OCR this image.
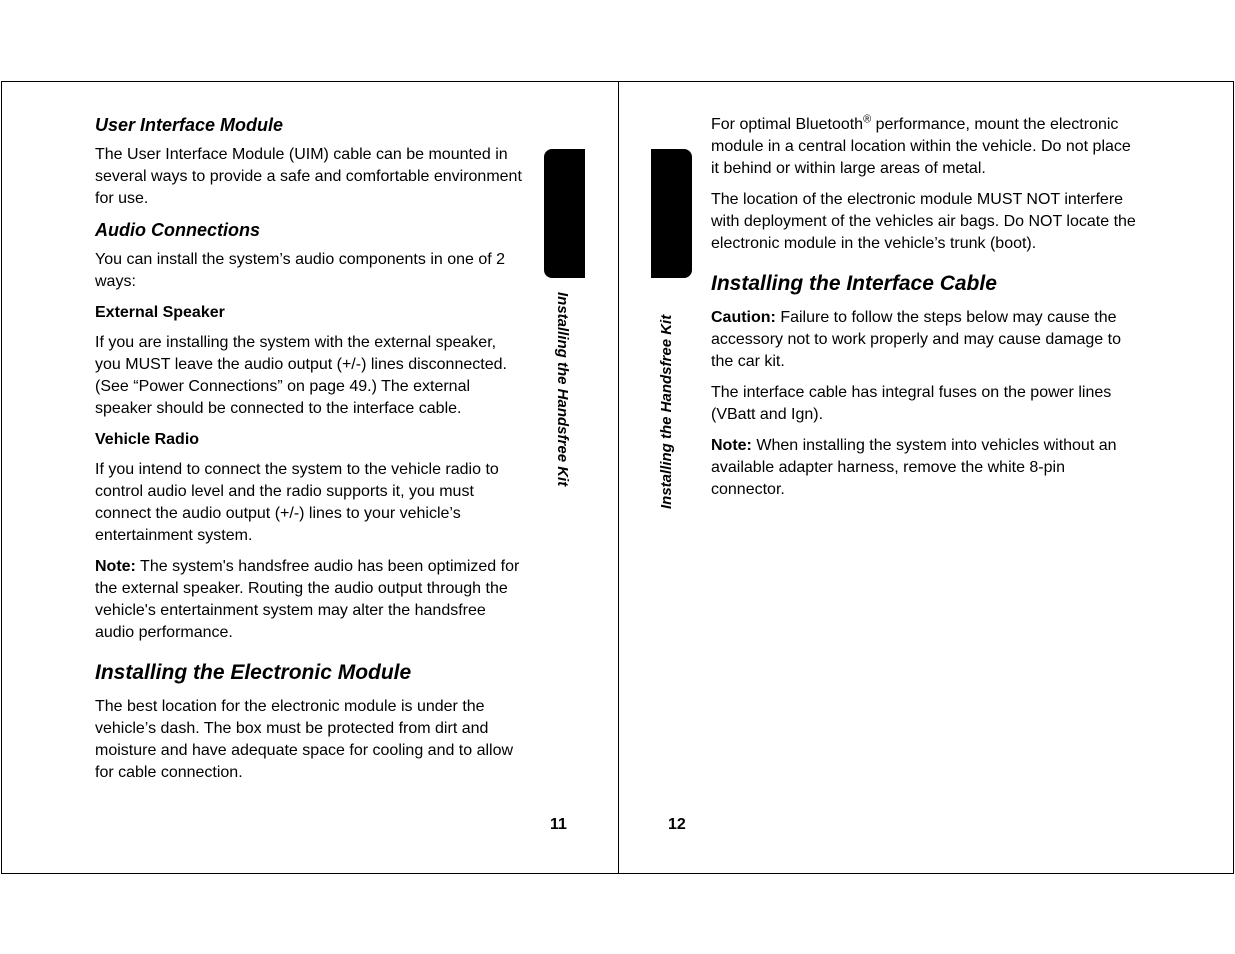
User Interface Module

The User Interface Module (UIM) cable can be mounted in several ways to provide a safe and comfortable environment for use.

Audio Connections

You can install the system’s audio components in one of 2 ways:

External Speaker

If you are installing the system with the external speaker, you MUST leave the audio output (+/-) lines disconnected. (See “Power Connections” on page 49.) The external speaker should be connected to the interface cable.

Vehicle Radio

If you intend to connect the system to the vehicle radio to control audio level and the radio supports it, you must connect the audio output (+/-) lines to your vehicle’s entertainment system.

Note: The system's handsfree audio has been optimized for the external speaker. Routing the audio output through the vehicle's entertainment system may alter the handsfree audio performance.

Installing the Electronic Module

The best location for the electronic module is under the vehicle’s dash. The box must be protected from dirt and moisture and have adequate space for cooling and to allow for cable connection.

Installing the Handsfree Kit
11
Installing the Handsfree Kit
12

For optimal Bluetooth® performance, mount the electronic module in a central location within the vehicle. Do not place it behind or within large areas of metal.

The location of the electronic module MUST NOT interfere with deployment of the vehicles air bags. Do NOT locate the electronic module in the vehicle’s trunk (boot).

Installing the Interface Cable

Caution: Failure to follow the steps below may cause the accessory not to work properly and may cause damage to the car kit.

The interface cable has integral fuses on the power lines (VBatt and Ign).

Note: When installing the system into vehicles without an available adapter harness, remove the white 8-pin connector.
